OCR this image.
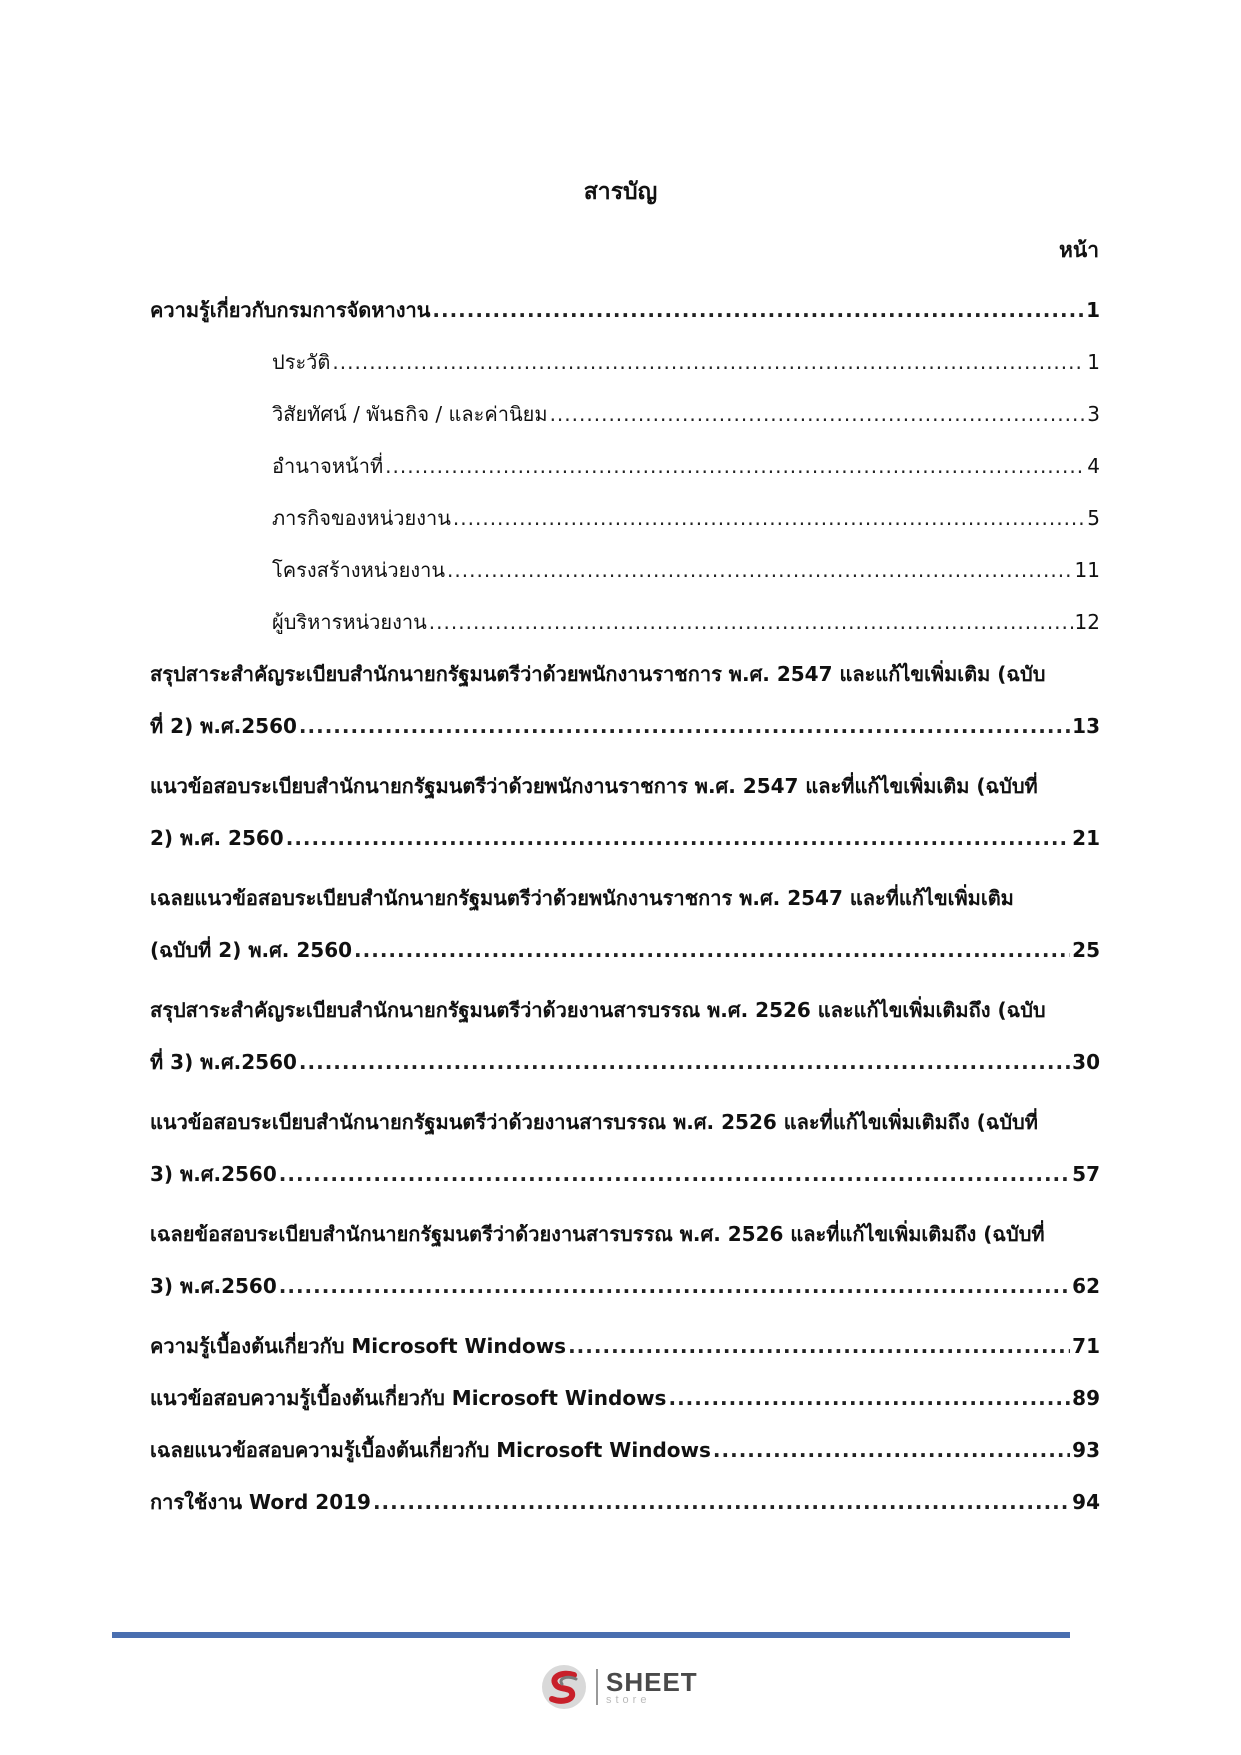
สารบัญ
หน้า
ความรู้เกี่ยวกับกรมการจัดหางาน .....	1
ประวัติ .....	1
วิสัยทัศน์ / พันธกิจ / และค่านิยม .....	3
อำนาจหน้าที่ .....	4
ภารกิจของหน่วยงาน .....	5
โครงสร้างหน่วยงาน .....	11
ผู้บริหารหน่วยงาน .....	12
สรุปสาระสำคัญระเบียบสำนักนายกรัฐมนตรีว่าด้วยพนักงานราชการ พ.ศ. 2547 และแก้ไขเพิ่มเติม (ฉบับ
ที่ 2) พ.ศ.2560 .....	13
แนวข้อสอบระเบียบสำนักนายกรัฐมนตรีว่าด้วยพนักงานราชการ พ.ศ. 2547 และที่แก้ไขเพิ่มเติม (ฉบับที่
2) พ.ศ. 2560 .....	21
เฉลยแนวข้อสอบระเบียบสำนักนายกรัฐมนตรีว่าด้วยพนักงานราชการ พ.ศ. 2547 และที่แก้ไขเพิ่มเติม
(ฉบับที่ 2) พ.ศ. 2560 .....	25
สรุปสาระสำคัญระเบียบสำนักนายกรัฐมนตรีว่าด้วยงานสารบรรณ พ.ศ. 2526 และแก้ไขเพิ่มเติมถึง (ฉบับ
ที่ 3) พ.ศ.2560 .....	30
แนวข้อสอบระเบียบสำนักนายกรัฐมนตรีว่าด้วยงานสารบรรณ พ.ศ. 2526 และที่แก้ไขเพิ่มเติมถึง (ฉบับที่
3) พ.ศ.2560 .....	57
เฉลยข้อสอบระเบียบสำนักนายกรัฐมนตรีว่าด้วยงานสารบรรณ พ.ศ. 2526 และที่แก้ไขเพิ่มเติมถึง (ฉบับที่
3) พ.ศ.2560 .....	62
ความรู้เบื้องต้นเกี่ยวกับ Microsoft Windows .....	71
แนวข้อสอบความรู้เบื้องต้นเกี่ยวกับ Microsoft Windows .....	89
เฉลยแนวข้อสอบความรู้เบื้องต้นเกี่ยวกับ Microsoft Windows .....	93
การใช้งาน Word 2019 .....	94
SHEET
store
